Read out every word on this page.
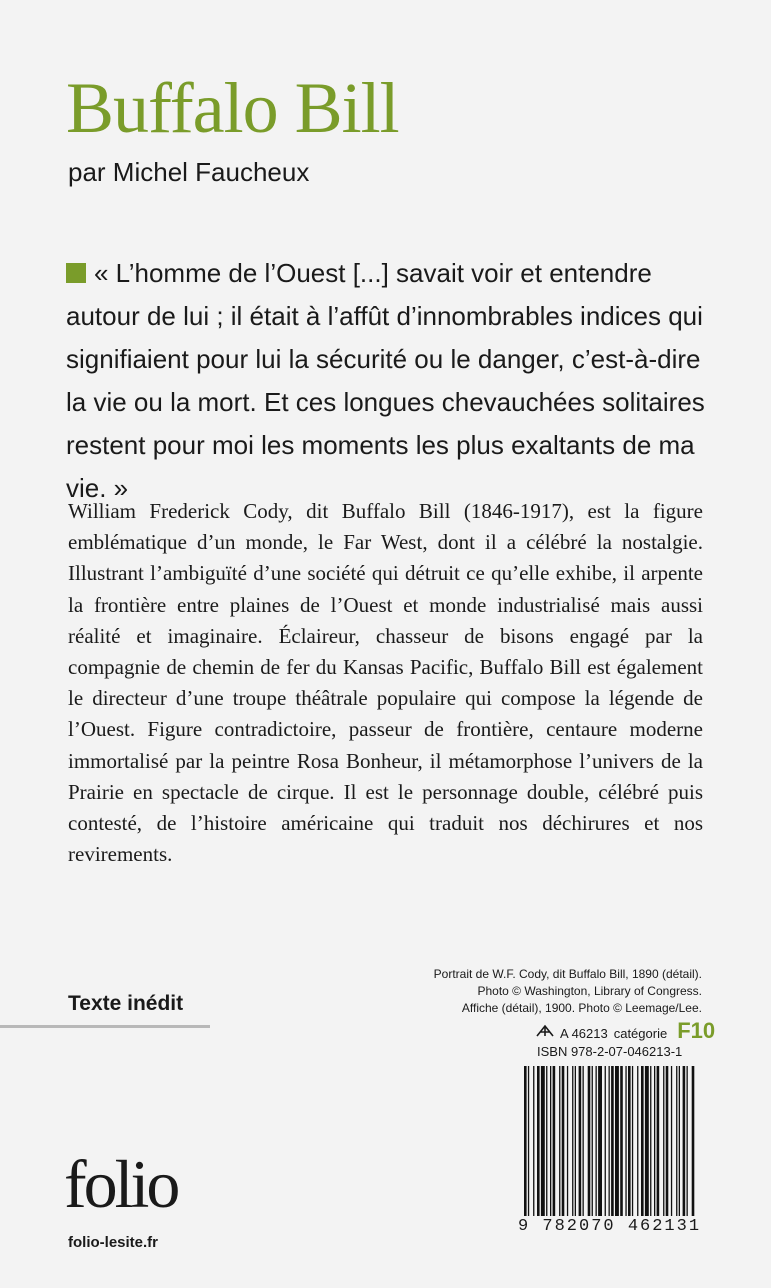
Buffalo Bill
par Michel Faucheux

« L’homme de l’Ouest [...] savait voir et entendre autour de lui ; il était à l’affût d’innombrables indices qui signifiaient pour lui la sécurité ou le danger, c’est-à-dire la vie ou la mort. Et ces longues chevauchées solitaires restent pour moi les moments les plus exaltants de ma vie. »

William Frederick Cody, dit Buffalo Bill (1846-1917), est la figure emblématique d’un monde, le Far West, dont il a célébré la nostalgie. Illustrant l’ambiguïté d’une société qui détruit ce qu’elle exhibe, il arpente la frontière entre plaines de l’Ouest et monde industrialisé mais aussi réalité et imaginaire. Éclaireur, chasseur de bisons engagé par la compagnie de chemin de fer du Kansas Pacific, Buffalo Bill est également le directeur d’une troupe théâtrale populaire qui compose la légende de l’Ouest. Figure contradictoire, passeur de frontière, centaure moderne immortalisé par la peintre Rosa Bonheur, il métamorphose l’univers de la Prairie en spectacle de cirque. Il est le personnage double, célébré puis contesté, de l’histoire américaine qui traduit nos déchirures et nos revirements.

Portrait de W.F. Cody, dit Buffalo Bill, 1890 (détail).
Photo © Washington, Library of Congress.
Affiche (détail), 1900. Photo © Leemage/Lee.
Texte inédit
A 46213 catégorie F10
ISBN 978-2-07-046213-1
9 782070 462131
folio
folio-lesite.fr
